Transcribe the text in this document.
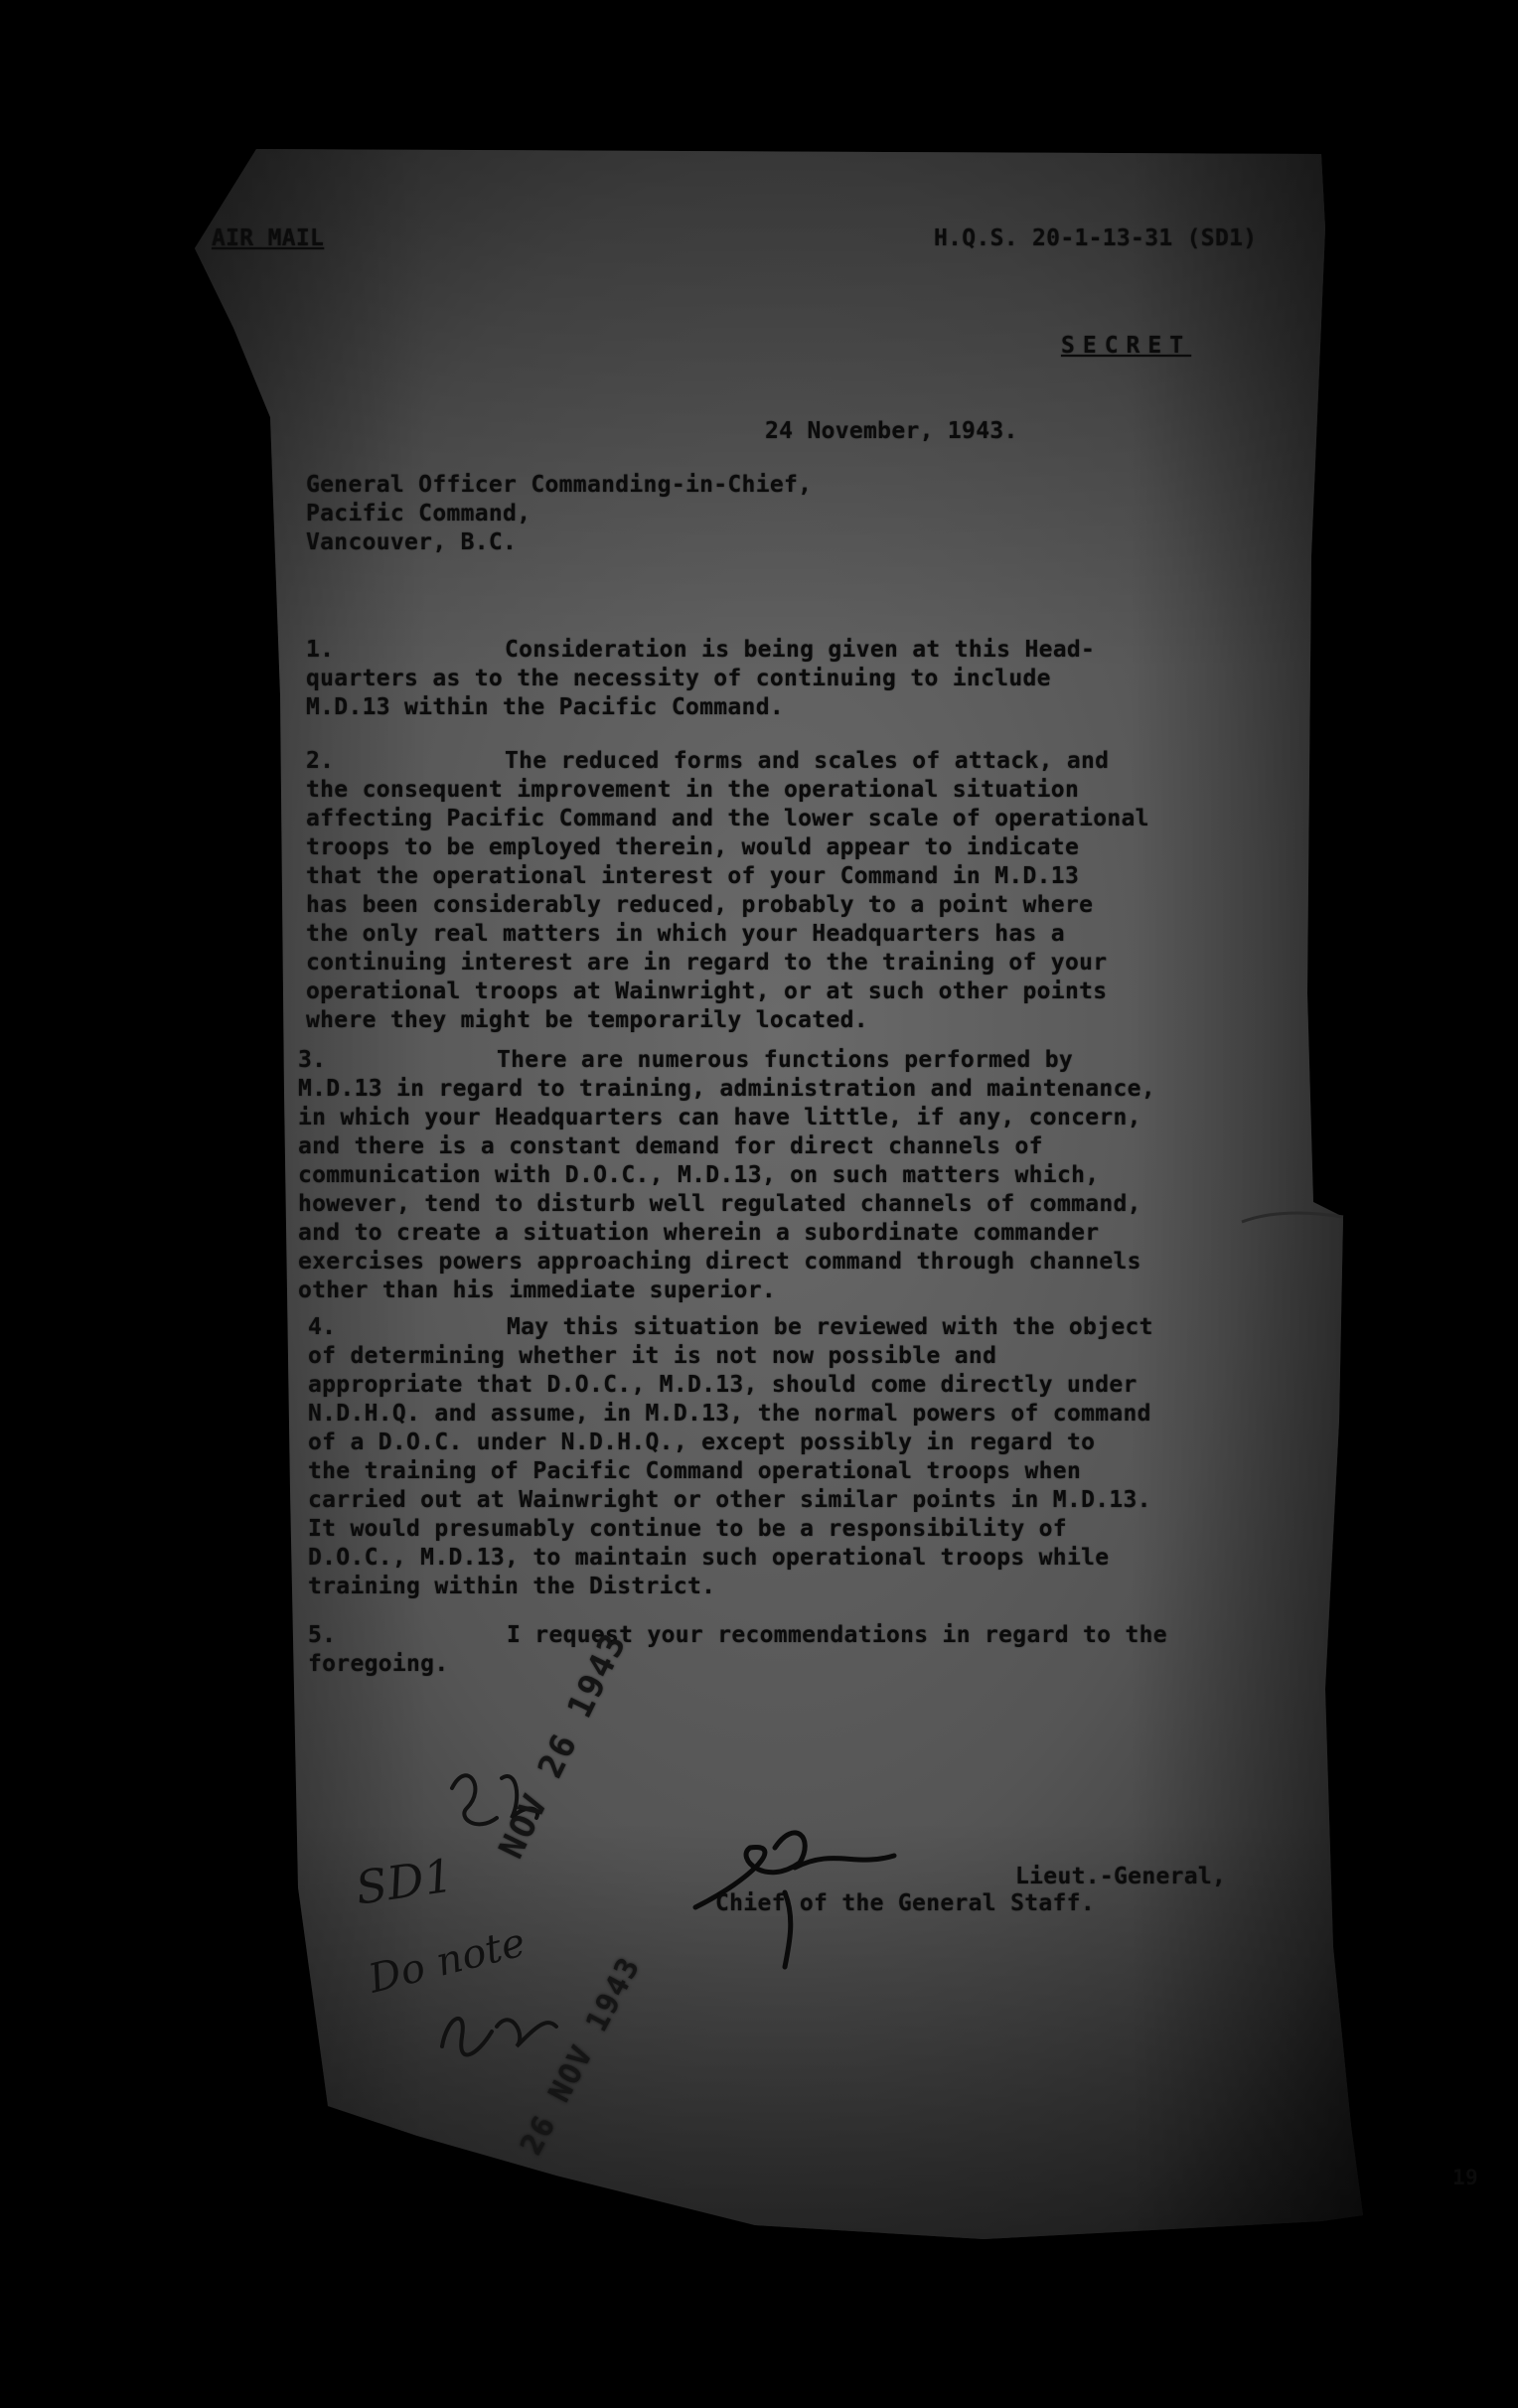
AIR MAIL	H.Q.S. 20-1-13-31 (SD1)
SECRET
24 November, 1943.
General Officer Commanding-in-Chief,
Pacific Command,
Vancouver, B.C.
1.	Consideration is being given at this Head-
quarters as to the necessity of continuing to include
M.D.13 within the Pacific Command.
2.	The reduced forms and scales of attack, and
the consequent improvement in the operational situation
affecting Pacific Command and the lower scale of operational
troops to be employed therein, would appear to indicate
that the operational interest of your Command in M.D.13
has been considerably reduced, probably to a point where
the only real matters in which your Headquarters has a
continuing interest are in regard to the training of your
operational troops at Wainwright, or at such other points
where they might be temporarily located.
3.	There are numerous functions performed by
M.D.13 in regard to training, administration and maintenance,
in which your Headquarters can have little, if any, concern,
and there is a constant demand for direct channels of
communication with D.O.C., M.D.13, on such matters which,
however, tend to disturb well regulated channels of command,
and to create a situation wherein a subordinate commander
exercises powers approaching direct command through channels
other than his immediate superior.
4.	May this situation be reviewed with the object
of determining whether it is not now possible and
appropriate that D.O.C., M.D.13, should come directly under
N.D.H.Q. and assume, in M.D.13, the normal powers of command
of a D.O.C. under N.D.H.Q., except possibly in regard to
the training of Pacific Command operational troops when
carried out at Wainwright or other similar points in M.D.13.
It would presumably continue to be a responsibility of
D.O.C., M.D.13, to maintain such operational troops while
training within the District.
5.	I request your recommendations in regard to the
foregoing.
Lieut.-General,
Chief of the General Staff.
SD1
Do note
NOV 26 1943
26 NOV 1943
19
